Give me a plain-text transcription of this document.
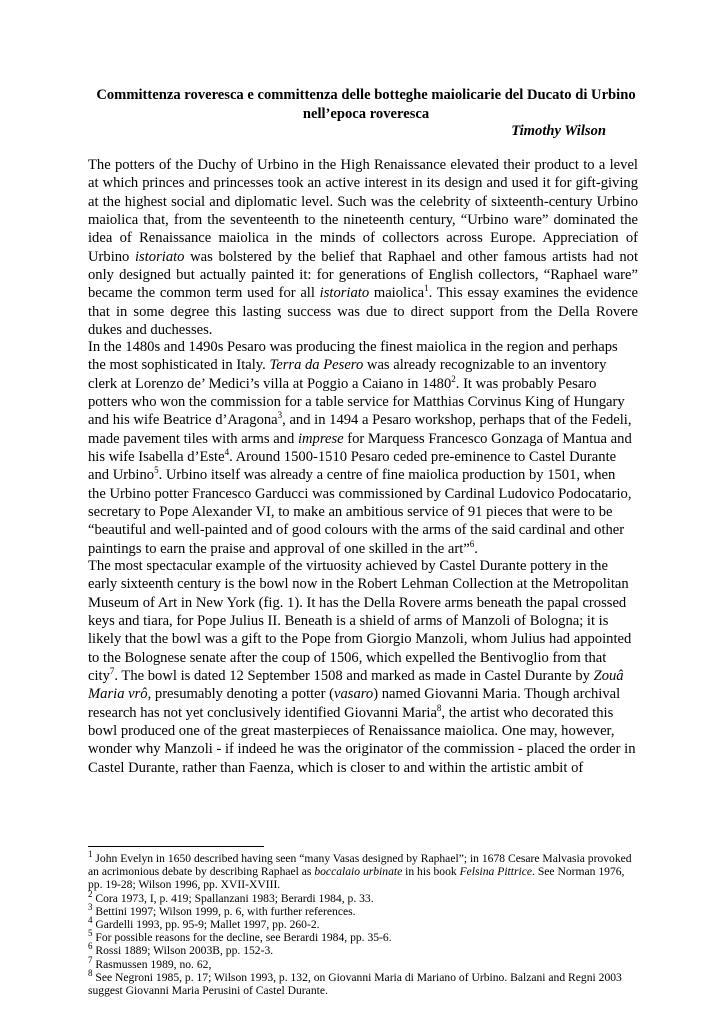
Committenza roveresca e committenza delle botteghe maiolicarie del Ducato di Urbino
nell’epoca roveresca
Timothy Wilson

The potters of the Duchy of Urbino in the High Renaissance elevated their product to a level at which princes and princesses took an active interest in its design and used it for gift-giving at the highest social and diplomatic level. Such was the celebrity of sixteenth-century Urbino maiolica that, from the seventeenth to the nineteenth century, “Urbino ware” dominated the idea of Renaissance maiolica in the minds of collectors across Europe. Appreciation of Urbino istoriato was bolstered by the belief that Raphael and other famous artists had not only designed but actually painted it: for generations of English collectors, “Raphael ware” became the common term used for all istoriato maiolica$^1$. This essay examines the evidence that in some degree this lasting success was due to direct support from the Della Rovere dukes and duchesses.

In the 1480s and 1490s Pesaro was producing the finest maiolica in the region and perhaps
the most sophisticated in Italy. Terra da Pesero was already recognizable to an inventory
clerk at Lorenzo de’ Medici’s villa at Poggio a Caiano in 1480$^2$. It was probably Pesaro
potters who won the commission for a table service for Matthias Corvinus King of Hungary
and his wife Beatrice d’Aragona$^3$, and in 1494 a Pesaro workshop, perhaps that of the Fedeli,
made pavement tiles with arms and imprese for Marquess Francesco Gonzaga of Mantua and
his wife Isabella d’Este$^4$. Around 1500-1510 Pesaro ceded pre-eminence to Castel Durante
and Urbino$^5$. Urbino itself was already a centre of fine maiolica production by 1501, when
the Urbino potter Francesco Garducci was commissioned by Cardinal Ludovico Podocatario,
secretary to Pope Alexander VI, to make an ambitious service of 91 pieces that were to be
“beautiful and well-painted and of good colours with the arms of the said cardinal and other
paintings to earn the praise and approval of one skilled in the art”$^6$.
The most spectacular example of the virtuosity achieved by Castel Durante pottery in the
early sixteenth century is the bowl now in the Robert Lehman Collection at the Metropolitan
Museum of Art in New York (fig. 1). It has the Della Rovere arms beneath the papal crossed
keys and tiara, for Pope Julius II. Beneath is a shield of arms of Manzoli of Bologna; it is
likely that the bowl was a gift to the Pope from Giorgio Manzoli, whom Julius had appointed
to the Bolognese senate after the coup of 1506, which expelled the Bentivoglio from that
city$^7$. The bowl is dated 12 September 1508 and marked as made in Castel Durante by Zouâ
Maria vrô, presumably denoting a potter (vasaro) named Giovanni Maria. Though archival
research has not yet conclusively identified Giovanni Maria$^8$, the artist who decorated this
bowl produced one of the great masterpieces of Renaissance maiolica. One may, however,
wonder why Manzoli - if indeed he was the originator of the commission - placed the order in
Castel Durante, rather than Faenza, which is closer to and within the artistic ambit of

$^1$ John Evelyn in 1650 described having seen “many Vasas designed by Raphael”; in 1678 Cesare Malvasia provoked an acrimonious debate by describing Raphael as boccalaio urbinate in his book Felsina Pittrice. See Norman 1976, pp. 19-28; Wilson 1996, pp. XVII-XVIII.

$^2$ Cora 1973, I, p. 419; Spallanzani 1983; Berardi 1984, p. 33.

$^3$ Bettini 1997; Wilson 1999, p. 6, with further references.

$^4$ Gardelli 1993, pp. 95-9; Mallet 1997, pp. 260-2.

$^5$ For possible reasons for the decline, see Berardi 1984, pp. 35-6.

$^6$ Rossi 1889; Wilson 2003B, pp. 152-3.

$^7$ Rasmussen 1989, no. 62,

$^8$ See Negroni 1985, p. 17; Wilson 1993, p. 132, on Giovanni Maria di Mariano of Urbino. Balzani and Regni 2003 suggest Giovanni Maria Perusini of Castel Durante.
